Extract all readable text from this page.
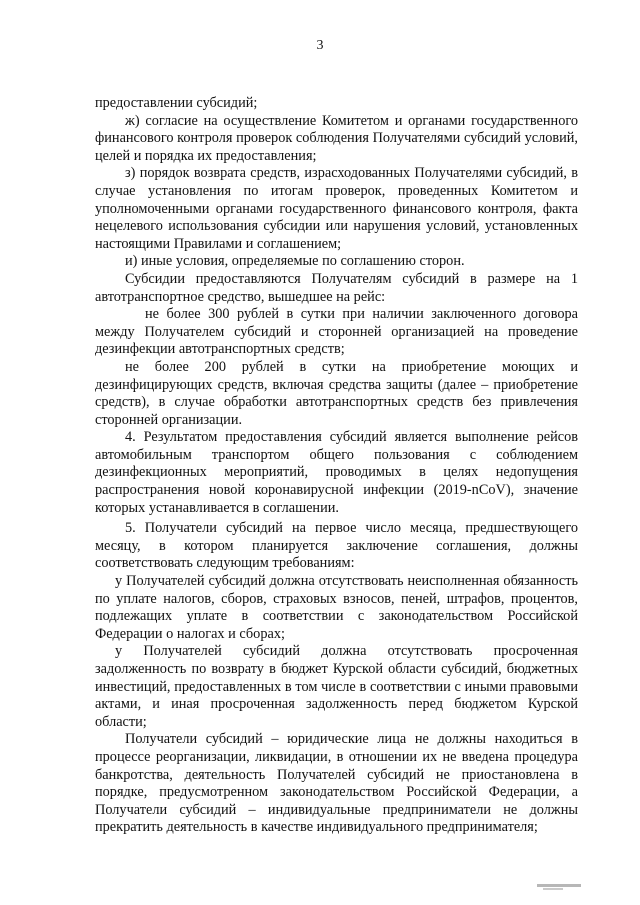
3

предоставлении субсидий;

ж) согласие на осуществление Комитетом и органами государственного финансового контроля проверок соблюдения Получателями субсидий условий, целей и порядка их предоставления;

з) порядок возврата средств, израсходованных Получателями субсидий, в случае установления по итогам проверок, проведенных Комитетом и уполномоченными органами государственного финансового контроля, факта нецелевого использования субсидии или нарушения условий, установленных настоящими Правилами и соглашением;

и) иные условия, определяемые по соглашению сторон.

Субсидии предоставляются Получателям субсидий в размере на 1 автотранспортное средство, вышедшее на рейс:

не более 300 рублей в сутки при наличии заключенного договора между Получателем субсидий и сторонней организацией на проведение дезинфекции автотранспортных средств;

не более 200 рублей в сутки на приобретение моющих и дезинфицирующих средств, включая средства защиты (далее – приобретение средств), в случае обработки автотранспортных средств без привлечения сторонней организации.

4. Результатом предоставления субсидий является выполнение рейсов автомобильным транспортом общего пользования с соблюдением дезинфекционных мероприятий, проводимых в целях недопущения распространения новой коронавирусной инфекции (2019-nCoV), значение которых устанавливается в соглашении.

5. Получатели субсидий на первое число месяца, предшествующего месяцу, в котором планируется заключение соглашения, должны соответствовать следующим требованиям:

у Получателей субсидий должна отсутствовать неисполненная обязанность по уплате налогов, сборов, страховых взносов, пеней, штрафов, процентов, подлежащих уплате в соответствии с законодательством Российской Федерации о налогах и сборах;

у Получателей субсидий должна отсутствовать просроченная задолженность по возврату в бюджет Курской области субсидий, бюджетных инвестиций, предоставленных в том числе в соответствии с иными правовыми актами, и иная просроченная задолженность перед бюджетом Курской области;

Получатели субсидий – юридические лица не должны находиться в процессе реорганизации, ликвидации, в отношении их не введена процедура банкротства, деятельность Получателей субсидий не приостановлена в порядке, предусмотренном законодательством Российской Федерации, а Получатели субсидий – индивидуальные предприниматели не должны прекратить деятельность в качестве индивидуального предпринимателя;
